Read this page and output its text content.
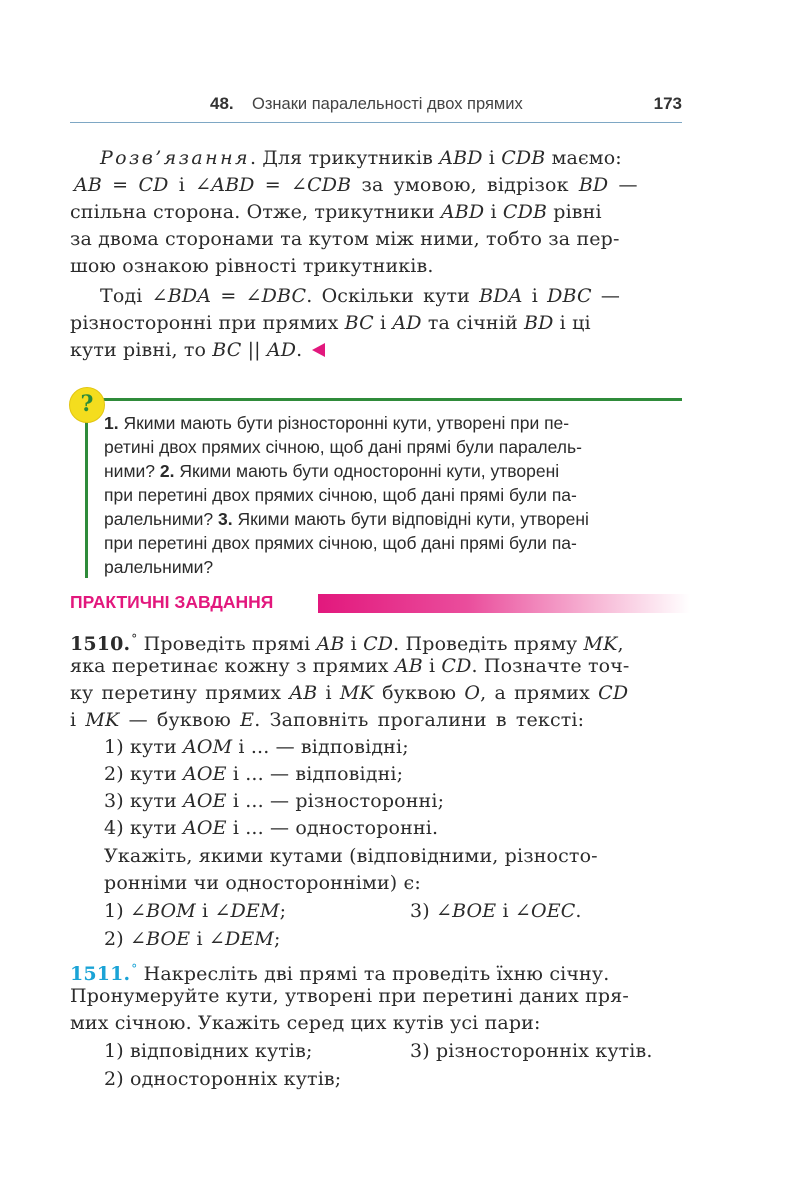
48. Ознаки паралельності двох прямих	173
Розв’язання. Для трикутників ABD і CDB маємо:
AB = CD і ∠ABD = ∠CDB за умовою, відрізок BD —
спільна сторона. Отже, трикутники ABD і CDB рівні
за двома сторонами та кутом між ними, тобто за пер-
шою ознакою рівності трикутників.
Тоді ∠BDA = ∠DBC. Оскільки кути BDA і DBC —
різносторонні при прямих BC і AD та січній BD і ці
кути рівні, то BC || AD.
?
1. Якими мають бути різносторонні кути, утворені при пе-
ретині двох прямих січною, щоб дані прямі були паралель-
ними? 2. Якими мають бути односторонні кути, утворені
при перетині двох прямих січною, щоб дані прямі були па-
ралельними? 3. Якими мають бути відповідні кути, утворені
при перетині двох прямих січною, щоб дані прямі були па-
ралельними?
ПРАКТИЧНІ ЗАВДАННЯ
1510.° Проведіть прямі AB і CD. Проведіть пряму MK,
яка перетинає кожну з прямих AB і CD. Позначте точ-
ку перетину прямих AB і MK буквою O, а прямих CD
і MK — буквою E. Заповніть прогалини в тексті:
1) кути AOM і ... — відповідні;
2) кути AOE і ... — відповідні;
3) кути AOE і ... — різносторонні;
4) кути AOE і ... — односторонні.
Укажіть, якими кутами (відповідними, різносто-
ронніми чи односторонніми) є:
1) ∠BOM і ∠DEM;	3) ∠BOE і ∠OEC.
2) ∠BOE і ∠DEM;
1511.° Накресліть дві прямі та проведіть їхню січну.
Пронумеруйте кути, утворені при перетині даних пря-
мих січною. Укажіть серед цих кутів усі пари:
1) відповідних кутів;	3) різносторонніх кутів.
2) односторонніх кутів;
